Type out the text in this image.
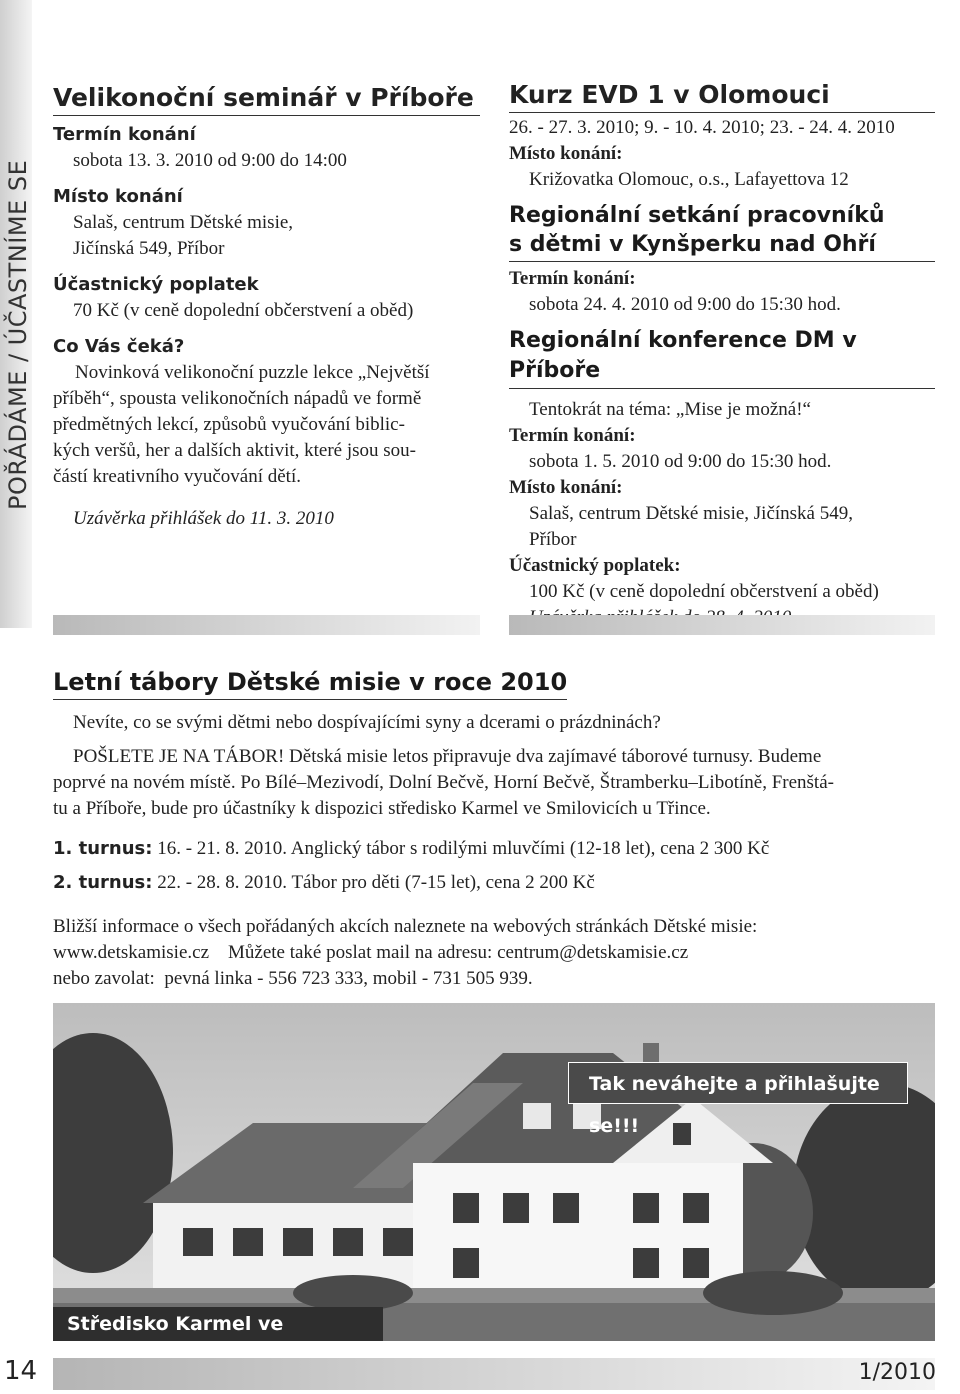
POŘÁDÁME / ÚČASTNÍME SE
Velikonoční seminář v Příboře
Termín konání
sobota 13. 3. 2010 od 9:00 do 14:00
Místo konání
Salaš, centrum Dětské misie,
Jičínská 549, Příbor
Účastnický poplatek
70 Kč (v ceně dopolední občerstvení a oběd)
Co Vás čeká?
Novinková velikonoční puzzle lekce „Největší
příběh“, spousta velikonočních nápadů ve formě
předmětných lekcí, způsobů vyučování biblic-
kých veršů, her a dalších aktivit, které jsou sou-
částí kreativního vyučování dětí.
Uzávěrka přihlášek do 11. 3. 2010
Kurz EVD 1 v Olomouci
26. - 27. 3. 2010; 9. - 10. 4. 2010; 23. - 24. 4. 2010
Místo konání:
Križovatka Olomouc, o.s., Lafayettova 12
Regionální setkání pracovníků
s dětmi v Kynšperku nad Ohří
Termín konání:
sobota 24. 4. 2010 od 9:00 do 15:30 hod.
Regionální konference DM v Příboře
Tentokrát na téma: „Mise je možná!“
Termín konání:
sobota 1. 5. 2010 od 9:00 do 15:30 hod.
Místo konání:
Salaš, centrum Dětské misie, Jičínská 549,
Příbor
Účastnický poplatek:
100 Kč (v ceně dopolední občerstvení a oběd)
Letní tábory Dětské misie v roce 2010
Nevíte, co se svými dětmi nebo dospívajícími syny a dcerami o prázdninách?
POŠLETE JE NA TÁBOR! Dětská misie letos připravuje dva zajímavé táborové turnusy. Budeme
poprvé na novém místě. Po Bílé–Mezivodí, Dolní Bečvě, Horní Bečvě, Štramberku–Libotíně, Frenštá-
tu a Příboře, bude pro účastníky k dispozici středisko Karmel ve Smilovicích u Třince.
1. turnus: 16. - 21. 8. 2010. Anglický tábor s rodilými mluvčími (12-18 let), cena 2 300 Kč
2. turnus: 22. - 28. 8. 2010. Tábor pro děti (7-15 let), cena 2 200 Kč
Bližší informace o všech pořádaných akcích naleznete na webových stránkách Dětské misie:
www.detskamisie.cz    Můžete také poslat mail na adresu: centrum@detskamisie.cz
nebo zavolat:  pevná linka - 556 723 333, mobil - 731 505 939.
Tak neváhejte a přihlašujte se!!!
Středisko Karmel ve
14	1/2010
